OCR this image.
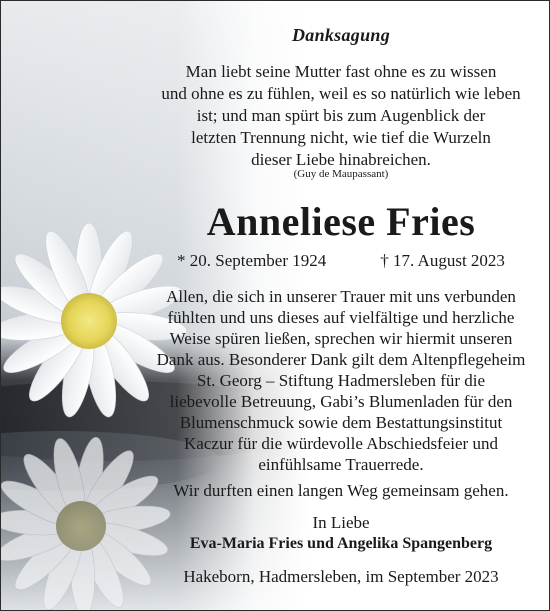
Danksagung
Man liebt seine Mutter fast ohne es zu wissen
und ohne es zu fühlen, weil es so natürlich wie leben
ist; und man spürt bis zum Augenblick der
letzten Trennung nicht, wie tief die Wurzeln
dieser Liebe hinabreichen.
(Guy de Maupassant)
Anneliese Fries
* 20. September 1924	† 17. August 2023
Allen, die sich in unserer Trauer mit uns verbunden
fühlten und uns dieses auf vielfältige und herzliche
Weise spüren ließen, sprechen wir hiermit unseren
Dank aus. Besonderer Dank gilt dem Altenpflegeheim
St. Georg – Stiftung Hadmersleben für die
liebevolle Betreuung, Gabi’s Blumenladen für den
Blumenschmuck sowie dem Bestattungsinstitut
Kaczur für die würdevolle Abschiedsfeier und
einfühlsame Trauerrede.
Wir durften einen langen Weg gemeinsam gehen.
In Liebe
Eva-Maria Fries und Angelika Spangenberg
Hakeborn, Hadmersleben, im September 2023
